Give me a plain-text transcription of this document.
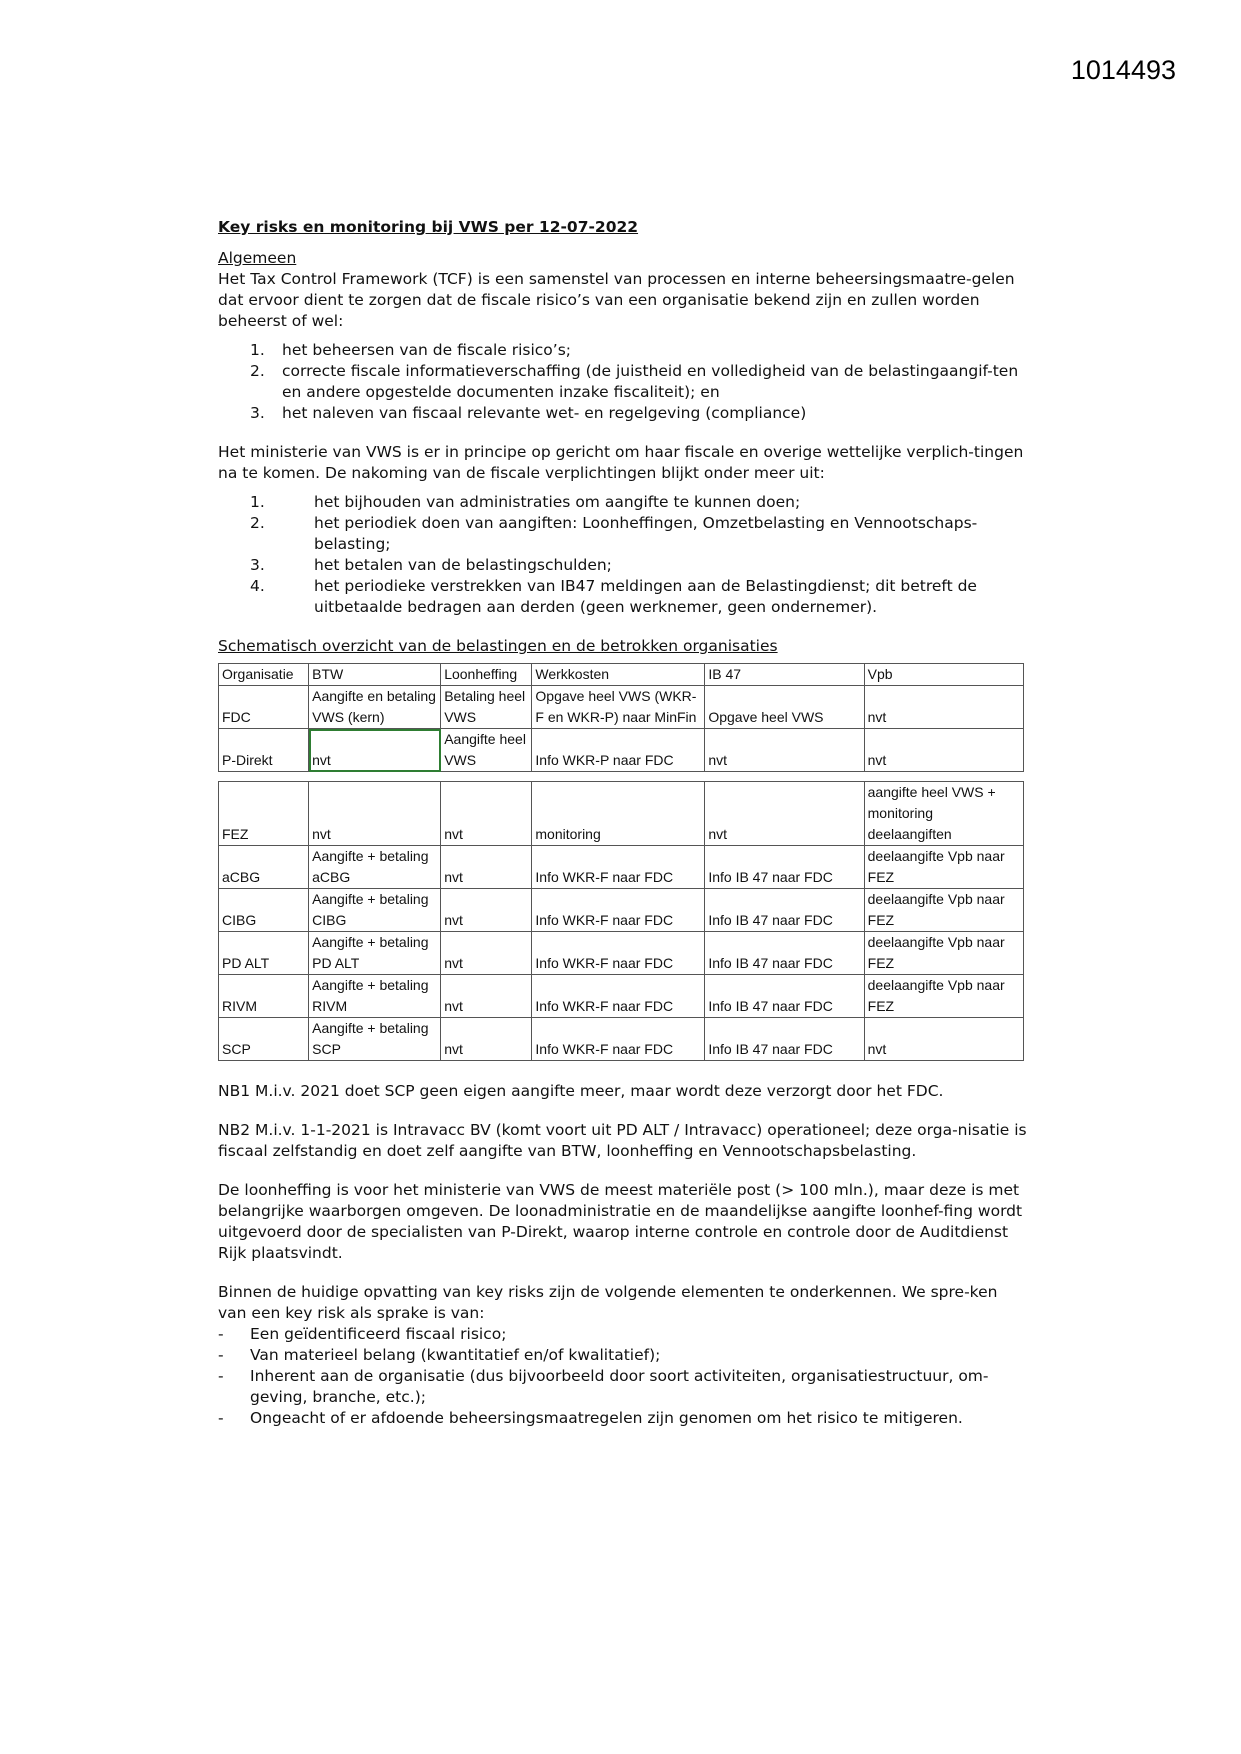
1014493
Key risks en monitoring bij VWS per 12-07-2022
Algemeen

Het Tax Control Framework (TCF) is een samenstel van processen en interne beheersingsmaatre-gelen dat ervoor dient te zorgen dat de fiscale risico’s van een organisatie bekend zijn en zullen worden beheerst of wel:

1.	het beheersen van de fiscale risico’s;
2.	correcte fiscale informatieverschaffing (de juistheid en volledigheid van de belastingaangif-ten en andere opgestelde documenten inzake fiscaliteit); en
3.	het naleven van fiscaal relevante wet- en regelgeving (compliance)

Het ministerie van VWS is er in principe op gericht om haar fiscale en overige wettelijke verplich-tingen na te komen. De nakoming van de fiscale verplichtingen blijkt onder meer uit:

1.	het bijhouden van administraties om aangifte te kunnen doen;
2.	het periodiek doen van aangiften: Loonheffingen, Omzetbelasting en Vennootschaps-belasting;
3.	het betalen van de belastingschulden;
4.	het periodieke verstrekken van IB47 meldingen aan de Belastingdienst; dit betreft de uitbetaalde bedragen aan derden (geen werknemer, geen ondernemer).
Schematisch overzicht van de belastingen en de betrokken organisaties
Organisatie	BTW	Loonheffing	Werkkosten	IB 47	Vpb
FDC	Aangifte en betaling VWS (kern)	Betaling heel VWS	Opgave heel VWS (WKR-F en WKR-P) naar MinFin	Opgave heel VWS	nvt
P-Direkt	nvt	Aangifte heel VWS	Info WKR-P naar FDC	nvt	nvt

FEZ	nvt	nvt	monitoring	nvt	aangifte heel VWS + monitoring deelaangiften
aCBG	Aangifte + betaling aCBG	nvt	Info WKR-F naar FDC	Info IB 47 naar FDC	deelaangifte Vpb naar FEZ
CIBG	Aangifte + betaling CIBG	nvt	Info WKR-F naar FDC	Info IB 47 naar FDC	deelaangifte Vpb naar FEZ
PD ALT	Aangifte + betaling PD ALT	nvt	Info WKR-F naar FDC	Info IB 47 naar FDC	deelaangifte Vpb naar FEZ
RIVM	Aangifte + betaling RIVM	nvt	Info WKR-F naar FDC	Info IB 47 naar FDC	deelaangifte Vpb naar FEZ
SCP	Aangifte + betaling SCP	nvt	Info WKR-F naar FDC	Info IB 47 naar FDC	nvt

NB1 M.i.v. 2021 doet SCP geen eigen aangifte meer, maar wordt deze verzorgt door het FDC.

NB2 M.i.v. 1-1-2021 is Intravacc BV (komt voort uit PD ALT / Intravacc) operationeel; deze orga-nisatie is fiscaal zelfstandig en doet zelf aangifte van BTW, loonheffing en Vennootschapsbelasting.

De loonheffing is voor het ministerie van VWS de meest materiële post (> 100 mln.), maar deze is met belangrijke waarborgen omgeven. De loonadministratie en de maandelijkse aangifte loonhef-fing wordt uitgevoerd door de specialisten van P-Direkt, waarop interne controle en controle door de Auditdienst Rijk plaatsvindt.

Binnen de huidige opvatting van key risks zijn de volgende elementen te onderkennen. We spre-ken van een key risk als sprake is van:

-	Een geïdentificeerd fiscaal risico;
-	Van materieel belang (kwantitatief en/of kwalitatief);
-	Inherent aan de organisatie (dus bijvoorbeeld door soort activiteiten, organisatiestructuur, om-geving, branche, etc.);
-	Ongeacht of er afdoende beheersingsmaatregelen zijn genomen om het risico te mitigeren.
